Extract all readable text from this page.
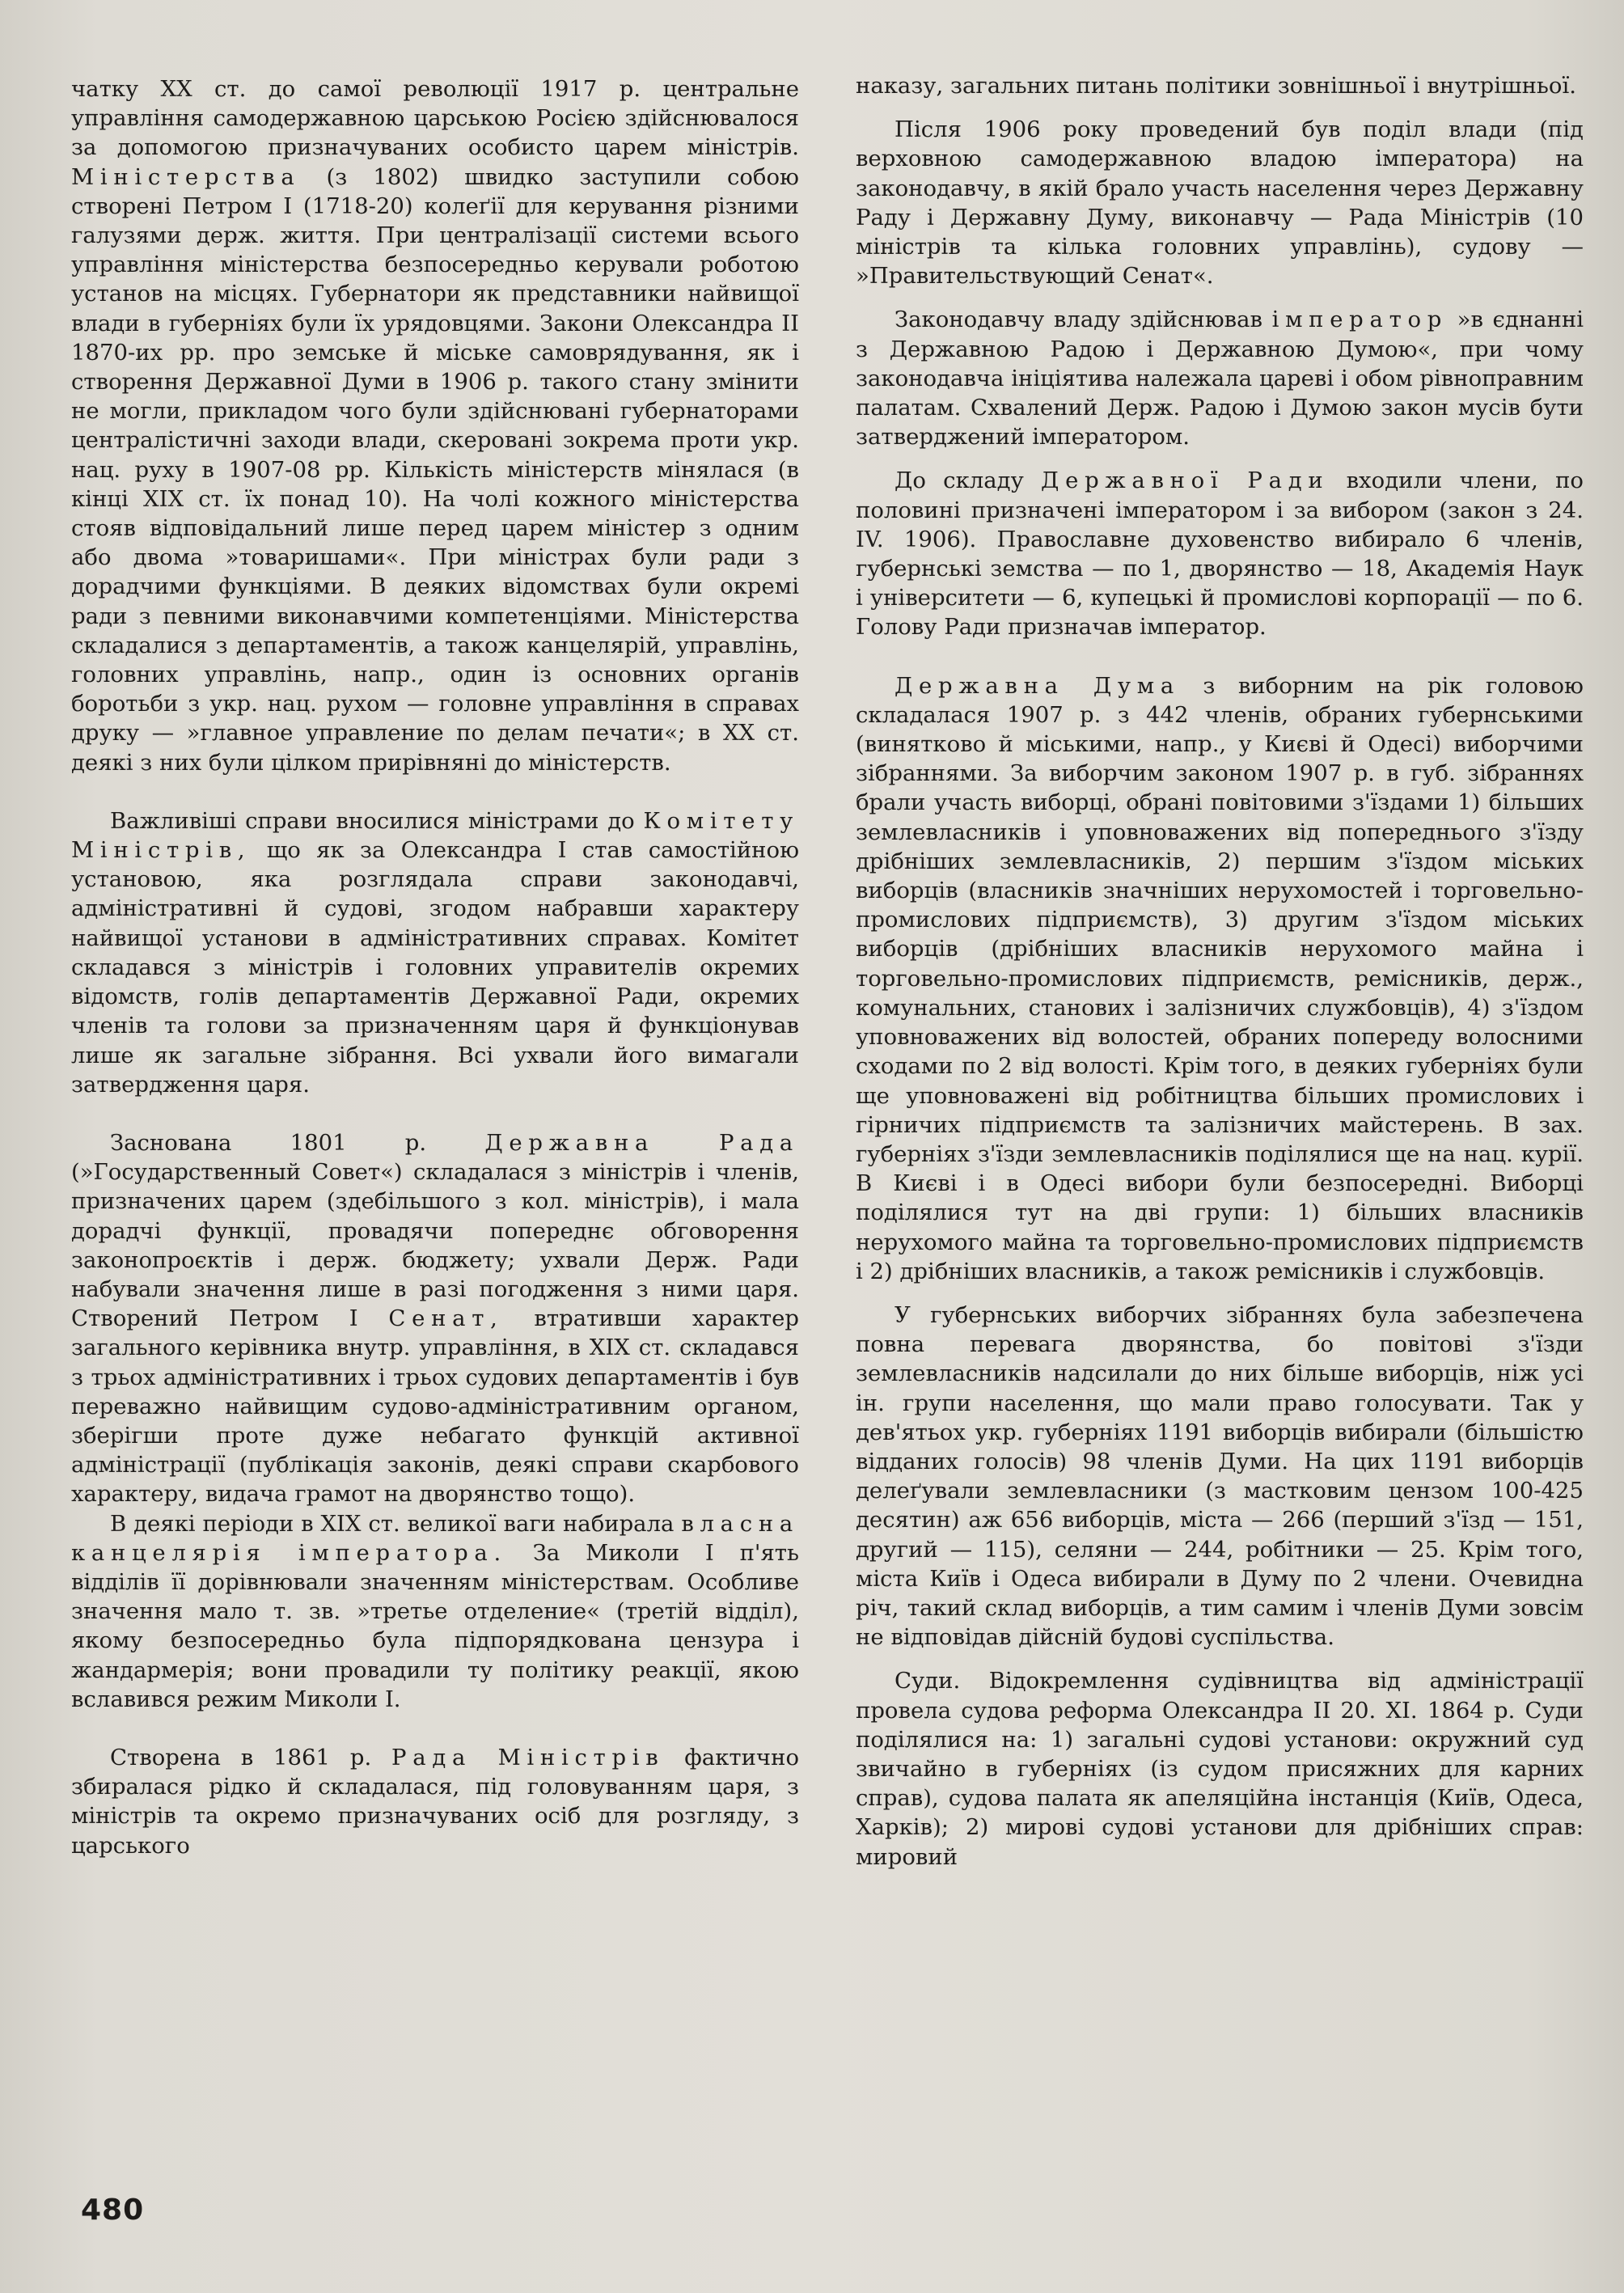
чатку XX ст. до самої революції 1917 р. центральне управління самодержавною царською Росією здійснювалося за допомогою призначуваних особисто царем міністрів. Міністерства (з 1802) швидко заступили собою створені Петром I (1718-20) колеґії для керування різними галузями держ. життя. При централізації системи всього управління міністерства безпосередньо керували роботою установ на місцях. Губернатори як представники найвищої влади в губерніях були їх урядовцями. Закони Олександра II 1870-их рр. про земське й міське самоврядування, як і створення Державної Думи в 1906 р. такого стану змінити не могли, прикладом чого були здійснювані губернаторами централістичні заходи влади, скеровані зокрема проти укр. нац. руху в 1907-08 рр. Кількість міністерств мінялася (в кінці XIX ст. їх понад 10). На чолі кожного міністерства стояв відповідальний лише перед царем міністер з одним або двома »товаришами«. При міністрах були ради з дорадчими функціями. В деяких відомствах були окремі ради з певними виконавчими компетенціями. Міністерства складалися з департаментів, а також канцелярій, управлінь, головних управлінь, напр., один із основних органів боротьби з укр. нац. рухом — головне управління в справах друку — »главное управление по делам печати«; в XX ст. деякі з них були цілком прирівняні до міністерств.

Важливіші справи вносилися міністрами до Комітету Міністрів, що як за Олександра I став самостійною установою, яка розглядала справи законодавчі, адміністративні й судові, згодом набравши характеру найвищої установи в адміністративних справах. Комітет складався з міністрів і головних управителів окремих відомств, голів департаментів Державної Ради, окремих членів та голови за призначенням царя й функціонував лише як загальне зібрання. Всі ухвали його вимагали затвердження царя.

Заснована 1801 р.	Державна Рада (»Государственный Совет«) складалася з міністрів і членів, призначених царем (здебільшого з кол. міністрів), і мала дорадчі функції, провадячи попереднє обговорення законопроєктів і держ. бюджету; ухвали Держ. Ради набували значення лише в разі погодження з ними царя. Створений Петром I Сенат, втративши характер загального керівника внутр. управління, в XIX ст. складався з трьох адміністративних і трьох судових департаментів і був переважно найвищим судово-адміністративним органом, зберігши проте дуже небагато функцій активної адміністрації (публікація законів, деякі справи скарбового характеру, видача грамот на дворянство тощо).

В деякі періоди в XIX ст. великої ваги набирала власна канцелярія імператора. За Миколи I п'ять відділів її дорівнювали значенням міністерствам. Особливе значення мало т. зв. »третье отделение« (третій відділ), якому безпосередньо була підпорядкована цензура і жандармерія; вони провадили ту політику реакції, якою вславився режим Миколи I.

Створена в 1861 р. Рада Міністрів фактично збиралася рідко й складалася, під головуванням царя, з міністрів та окремо призначуваних осіб для розгляду, з царського

наказу, загальних питань політики зовнішньої і внутрішньої.

Після 1906 року проведений був поділ влади (під верховною самодержавною владою імператора) на законодавчу, в якій брало участь населення через Державну Раду і Державну Думу, виконавчу — Рада Міністрів (10 міністрів та кілька головних управлінь), судову — »Правительствующий Сенат«.

Законодавчу владу здійснював імператор »в єднанні з Державною Радою і Державною Думою«, при чому законодавча ініціятива належала цареві і обом рівноправним палатам. Схвалений Держ. Радою і Думою закон мусів бути затверджений імператором.

До складу Державної Ради входили члени, по половині призначені імператором і за вибором (закон з 24. IV. 1906). Православне духовенство вибирало 6 членів, губернські земства — по 1, дворянство — 18, Академія Наук і університети — 6, купецькі й промислові корпорації — по 6. Голову Ради призначав імператор.

Державна Дума з виборним на рік головою складалася 1907 р. з 442 членів, обраних губернськими (винятково й міськими, напр., у Києві й Одесі) виборчими зібраннями. За виборчим законом 1907 р. в губ. зібраннях брали участь виборці, обрані повітовими з'їздами 1) більших землевласників і уповноважених від попереднього з'їзду дрібніших землевласників, 2) першим з'їздом міських виборців (власників значніших нерухомостей і торговельно-промислових підприємств), 3) другим з'їздом міських виборців (дрібніших власників нерухомого майна і торговельно-промислових підприємств, ремісників, держ., комунальних, станових і залізничих службовців), 4) з'їздом уповноважених від волостей, обраних попереду волосними сходами по 2 від волості. Крім того, в деяких губерніях були ще уповноважені від робітництва більших промислових і гірничих підприємств та залізничих майстерень. В зах. губерніях з'їзди землевласників поділялися ще на нац. курії. В Києві і в Одесі вибори були безпосередні. Виборці поділялися тут на дві групи: 1) більших власників нерухомого майна та торговельно-промислових підприємств і 2) дрібніших власників, а також ремісників і службовців.

У губернських виборчих зібраннях була забезпечена повна перевага дворянства, бо повітові з'їзди землевласників надсилали до них більше виборців, ніж усі ін. групи населення, що мали право голосувати. Так у дев'ятьох укр. губерніях 1191 виборців вибирали (більшістю відданих голосів) 98 членів Думи. На цих 1191 виборців делеґували землевласники (з мастковим цензом 100-425 десятин) аж 656 виборців, міста — 266 (перший з'їзд — 151, другий — 115), селяни — 244, робітники — 25. Крім того, міста Київ і Одеса вибирали в Думу по 2 члени. Очевидна річ, такий склад виборців, а тим самим і членів Думи зовсім не відповідав дійсній будові суспільства.

Суди. Відокремлення судівництва від адміністрації провела судова реформа Олександра II 20. XI. 1864 р. Суди поділялися на: 1) загальні судові установи: окружний суд звичайно в губерніях (із судом присяжних для карних справ), судова палата як апеляційна інстанція (Київ, Одеса, Харків); 2) мирові судові установи для дрібніших справ: мировий

480
